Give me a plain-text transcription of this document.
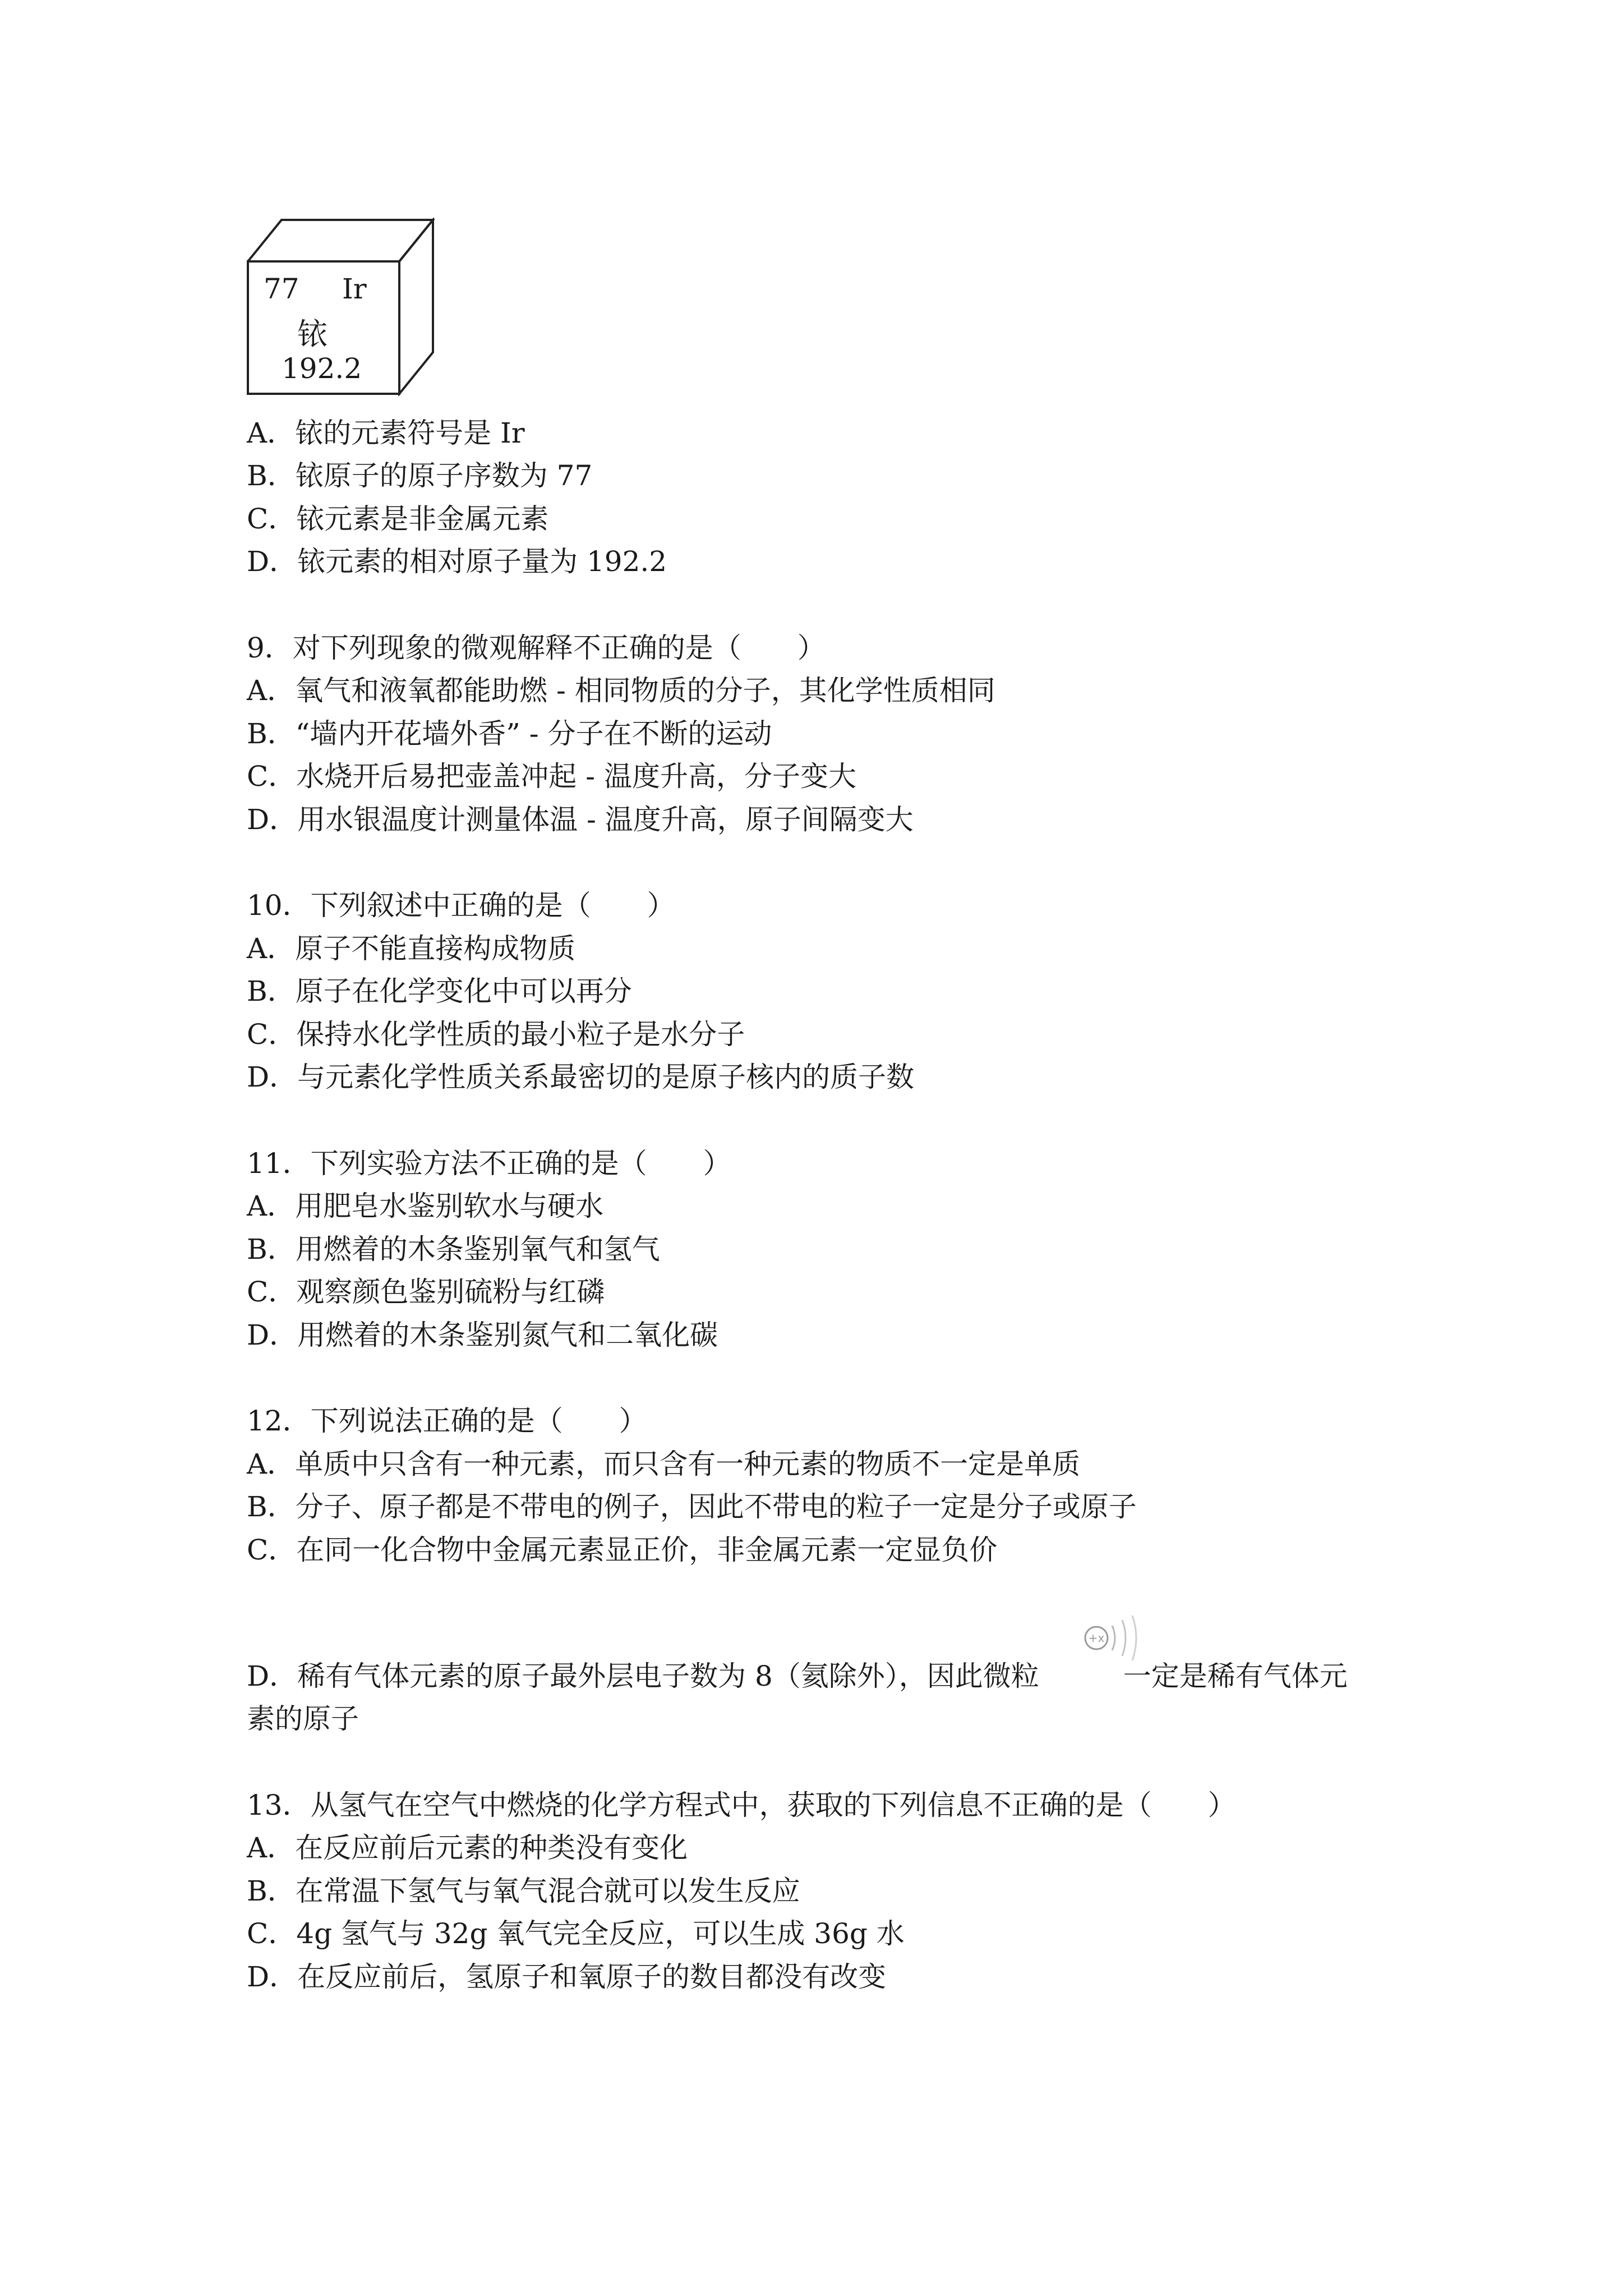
77 Ir
铱
192.2
A．铱的元素符号是 Ir
B．铱原子的原子序数为 77
C．铱元素是非金属元素
D．铱元素的相对原子量为 192.2
9．对下列现象的微观解释不正确的是（　　）
A．氧气和液氧都能助燃 - 相同物质的分子，其化学性质相同
B．“墙内开花墙外香” - 分子在不断的运动
C．水烧开后易把壶盖冲起 - 温度升高，分子变大
D．用水银温度计测量体温 - 温度升高，原子间隔变大
10．下列叙述中正确的是（　　）
A．原子不能直接构成物质
B．原子在化学变化中可以再分
C．保持水化学性质的最小粒子是水分子
D．与元素化学性质关系最密切的是原子核内的质子数
11．下列实验方法不正确的是（　　）
A．用肥皂水鉴别软水与硬水
B．用燃着的木条鉴别氧气和氢气
C．观察颜色鉴别硫粉与红磷
D．用燃着的木条鉴别氮气和二氧化碳
12．下列说法正确的是（　　）
A．单质中只含有一种元素，而只含有一种元素的物质不一定是单质
B．分子、原子都是不带电的例子，因此不带电的粒子一定是分子或原子
C．在同一化合物中金属元素显正价，非金属元素一定显负价
+x
D．稀有气体元素的原子最外层电子数为 8（氦除外），因此微粒	一定是稀有气体元
素的原子
13．从氢气在空气中燃烧的化学方程式中，获取的下列信息不正确的是（　　）
A．在反应前后元素的种类没有变化
B．在常温下氢气与氧气混合就可以发生反应
C．4g 氢气与 32g 氧气完全反应，可以生成 36g 水
D．在反应前后，氢原子和氧原子的数目都没有改变
